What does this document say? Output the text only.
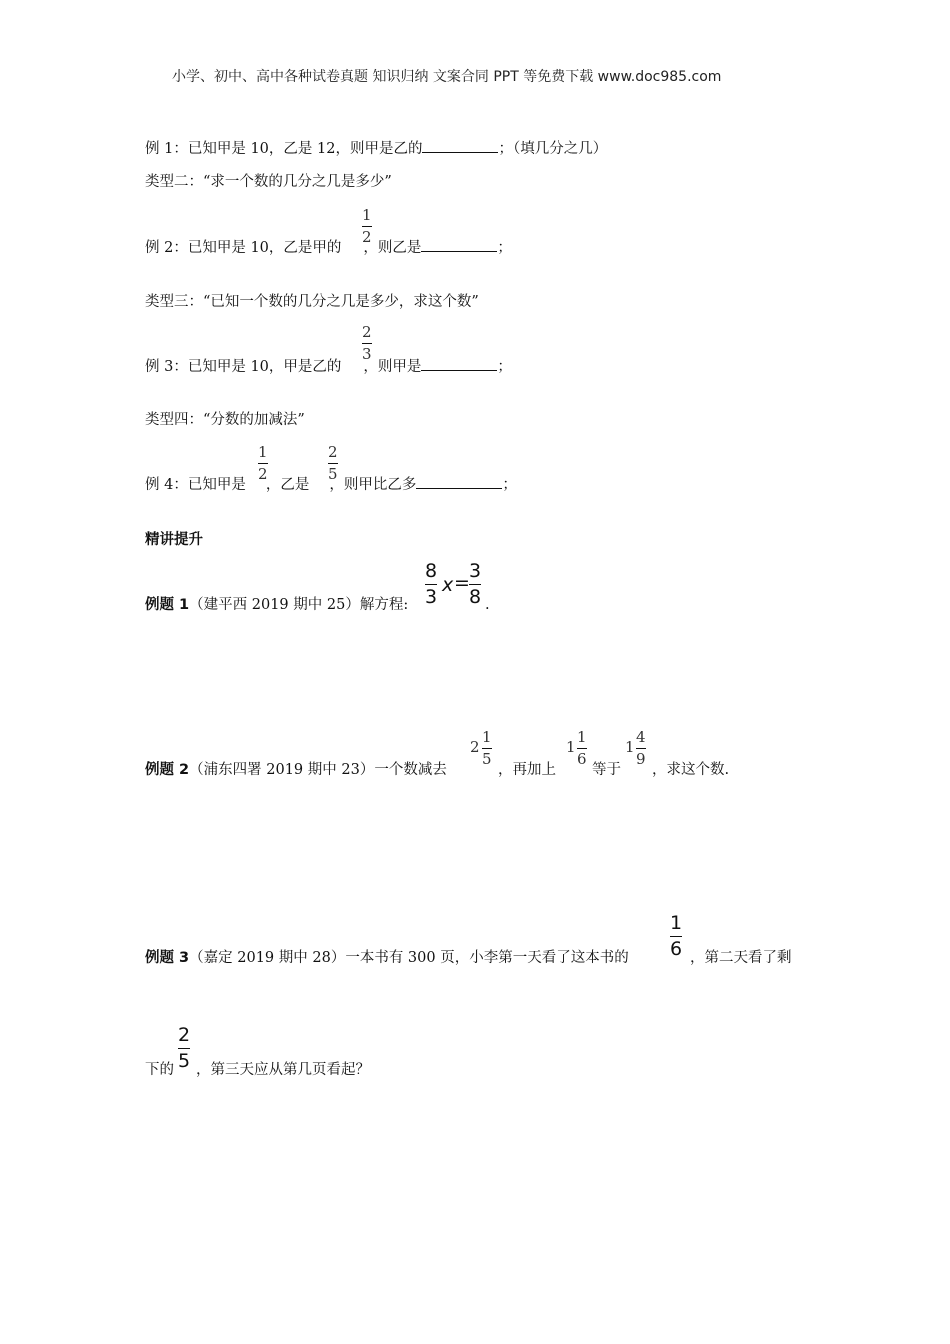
小学、初中、高中各种试卷真题 知识归纳 文案合同 PPT 等免费下载 www.doc985.com
例 1：已知甲是 10，乙是 12，则甲是乙的	；（填几分之几）
类型二：“求一个数的几分之几是多少”
例 2：已知甲是 10，乙是甲的 ，则乙是	；
1
2
类型三：“已知一个数的几分之几是多少，求这个数”
例 3：已知甲是 10，甲是乙的 ，则甲是	；
2
3
类型四：“分数的加减法”
例 4：已知甲是 ，乙是 ，则甲比乙多	；
1
2
2
5
精讲提升
例题 1（建平西 2019 期中 25）解方程:
8
3
x =
3
8 .
例题 2（浦东四署 2019 期中 23）一个数减去
2
1
5
，再加上
1
1
6
等于
1
4
9
，求这个数.
例题 3（嘉定 2019 期中 28）一本书有 300 页，小李第一天看了这本书的
1
6 ，第二天看了剩
下的 ，第三天应从第几页看起？
2
5
